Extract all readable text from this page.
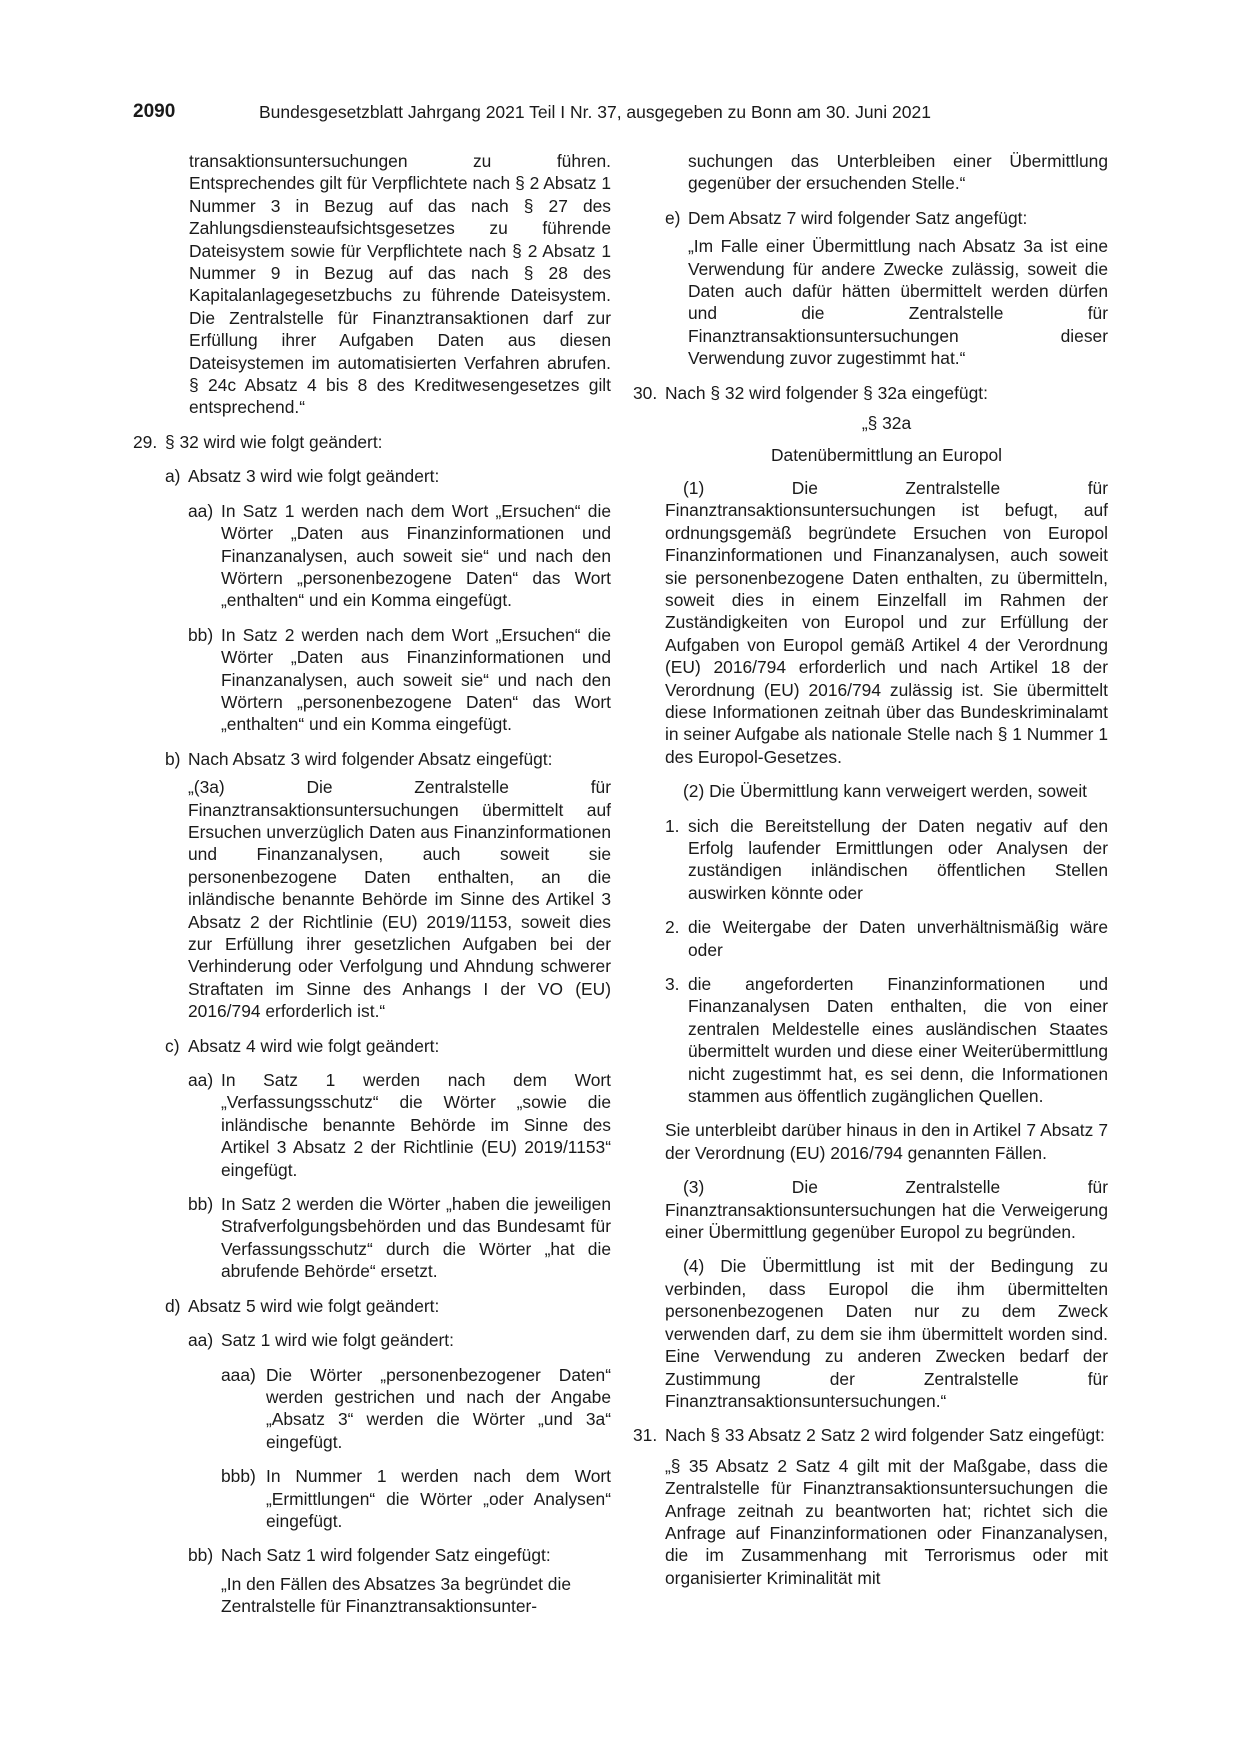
2090	Bundesgesetzblatt Jahrgang 2021 Teil I Nr. 37, ausgegeben zu Bonn am 30. Juni 2021
transaktionsuntersuchungen zu führen. Entsprechendes gilt für Verpflichtete nach § 2 Absatz 1 Nummer 3 in Bezug auf das nach § 27 des Zahlungsdiensteaufsichtsgesetzes zu führende Dateisystem sowie für Verpflichtete nach § 2 Absatz 1 Nummer 9 in Bezug auf das nach § 28 des Kapitalanlagegesetzbuchs zu führende Dateisystem. Die Zentralstelle für Finanztransaktionen darf zur Erfüllung ihrer Aufgaben Daten aus diesen Dateisystemen im automatisierten Verfahren abrufen. § 24c Absatz 4 bis 8 des Kreditwesengesetzes gilt entsprechend.“
29. § 32 wird wie folgt geändert:
a) Absatz 3 wird wie folgt geändert:
aa) In Satz 1 werden nach dem Wort „Ersuchen“ die Wörter „Daten aus Finanzinformationen und Finanzanalysen, auch soweit sie“ und nach den Wörtern „personenbezogene Daten“ das Wort „enthalten“ und ein Komma eingefügt.
bb) In Satz 2 werden nach dem Wort „Ersuchen“ die Wörter „Daten aus Finanzinformationen und Finanzanalysen, auch soweit sie“ und nach den Wörtern „personenbezogene Daten“ das Wort „enthalten“ und ein Komma eingefügt.
b) Nach Absatz 3 wird folgender Absatz eingefügt:
„(3a) Die Zentralstelle für Finanztransaktionsuntersuchungen übermittelt auf Ersuchen unverzüglich Daten aus Finanzinformationen und Finanzanalysen, auch soweit sie personenbezogene Daten enthalten, an die inländische benannte Behörde im Sinne des Artikel 3 Absatz 2 der Richtlinie (EU) 2019/1153, soweit dies zur Erfüllung ihrer gesetzlichen Aufgaben bei der Verhinderung oder Verfolgung und Ahndung schwerer Straftaten im Sinne des Anhangs I der VO (EU) 2016/794 erforderlich ist.“
c) Absatz 4 wird wie folgt geändert:
aa) In Satz 1 werden nach dem Wort „Verfassungsschutz“ die Wörter „sowie die inländische benannte Behörde im Sinne des Artikel 3 Absatz 2 der Richtlinie (EU) 2019/1153“ eingefügt.
bb) In Satz 2 werden die Wörter „haben die jeweiligen Strafverfolgungsbehörden und das Bundesamt für Verfassungsschutz“ durch die Wörter „hat die abrufende Behörde“ ersetzt.
d) Absatz 5 wird wie folgt geändert:
aa) Satz 1 wird wie folgt geändert:
aaa) Die Wörter „personenbezogener Daten“ werden gestrichen und nach der Angabe „Absatz 3“ werden die Wörter „und 3a“ eingefügt.
bbb) In Nummer 1 werden nach dem Wort „Ermittlungen“ die Wörter „oder Analysen“ eingefügt.
bb) Nach Satz 1 wird folgender Satz eingefügt:
„In den Fällen des Absatzes 3a begründet die Zentralstelle für Finanztransaktionsunter-
suchungen das Unterbleiben einer Übermittlung gegenüber der ersuchenden Stelle.“
e) Dem Absatz 7 wird folgender Satz angefügt:
„Im Falle einer Übermittlung nach Absatz 3a ist eine Verwendung für andere Zwecke zulässig, soweit die Daten auch dafür hätten übermittelt werden dürfen und die Zentralstelle für Finanztransaktionsuntersuchungen dieser Verwendung zuvor zugestimmt hat.“
30. Nach § 32 wird folgender § 32a eingefügt:
„§ 32a
Datenübermittlung an Europol
(1) Die Zentralstelle für Finanztransaktionsuntersuchungen ist befugt, auf ordnungsgemäß begründete Ersuchen von Europol Finanzinformationen und Finanzanalysen, auch soweit sie personenbezogene Daten enthalten, zu übermitteln, soweit dies in einem Einzelfall im Rahmen der Zuständigkeiten von Europol und zur Erfüllung der Aufgaben von Europol gemäß Artikel 4 der Verordnung (EU) 2016/794 erforderlich und nach Artikel 18 der Verordnung (EU) 2016/794 zulässig ist. Sie übermittelt diese Informationen zeitnah über das Bundeskriminalamt in seiner Aufgabe als nationale Stelle nach § 1 Nummer 1 des Europol-Gesetzes.
(2) Die Übermittlung kann verweigert werden, soweit
1. sich die Bereitstellung der Daten negativ auf den Erfolg laufender Ermittlungen oder Analysen der zuständigen inländischen öffentlichen Stellen auswirken könnte oder
2. die Weitergabe der Daten unverhältnismäßig wäre oder
3. die angeforderten Finanzinformationen und Finanzanalysen Daten enthalten, die von einer zentralen Meldestelle eines ausländischen Staates übermittelt wurden und diese einer Weiterübermittlung nicht zugestimmt hat, es sei denn, die Informationen stammen aus öffentlich zugänglichen Quellen.
Sie unterbleibt darüber hinaus in den in Artikel 7 Absatz 7 der Verordnung (EU) 2016/794 genannten Fällen.
(3) Die Zentralstelle für Finanztransaktionsuntersuchungen hat die Verweigerung einer Übermittlung gegenüber Europol zu begründen.
(4) Die Übermittlung ist mit der Bedingung zu verbinden, dass Europol die ihm übermittelten personenbezogenen Daten nur zu dem Zweck verwenden darf, zu dem sie ihm übermittelt worden sind. Eine Verwendung zu anderen Zwecken bedarf der Zustimmung der Zentralstelle für Finanztransaktionsuntersuchungen.“
31. Nach § 33 Absatz 2 Satz 2 wird folgender Satz eingefügt:
„§ 35 Absatz 2 Satz 4 gilt mit der Maßgabe, dass die Zentralstelle für Finanztransaktionsuntersuchungen die Anfrage zeitnah zu beantworten hat; richtet sich die Anfrage auf Finanzinformationen oder Finanzanalysen, die im Zusammenhang mit Terrorismus oder mit organisierter Kriminalität mit
